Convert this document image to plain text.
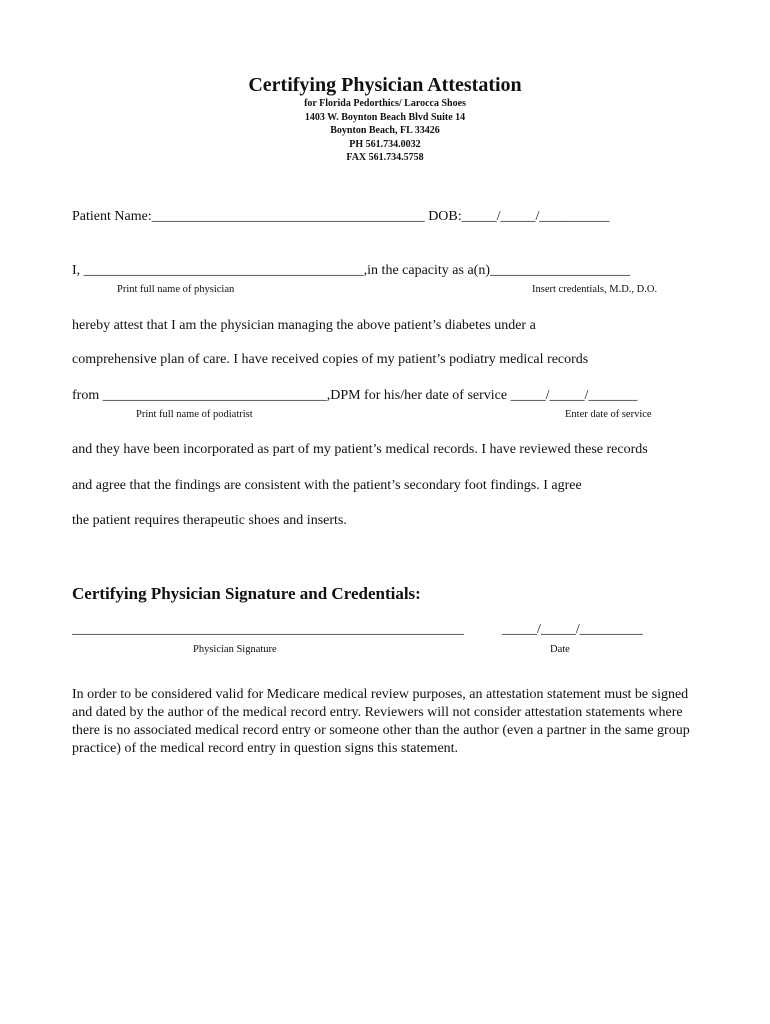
Certifying Physician Attestation
for Florida Pedorthics/ Larocca Shoes
1403 W. Boynton Beach Blvd Suite 14
Boynton Beach, FL 33426
PH 561.734.0032
FAX 561.734.5758
Patient Name:_______________________________________ DOB:_____/_____/__________
I, ________________________________________,in the capacity as a(n)____________________
Print full name of physician	Insert credentials, M.D., D.O.
hereby attest that I am the physician managing the above patient’s diabetes under a
comprehensive plan of care. I have received copies of my patient’s podiatry medical records
from ________________________________,DPM for his/her date of service _____/_____/_______
Print full name of podiatrist	Enter date of service
and they have been incorporated as part of my patient’s medical records. I have reviewed these records
and agree that the findings are consistent with the patient’s secondary foot findings. I agree
the patient requires therapeutic shoes and inserts.
Certifying Physician Signature and Credentials:
________________________________________________________	_____/_____/_________
Physician Signature	Date
In order to be considered valid for Medicare medical review purposes, an attestation statement must be signed and dated by the author of the medical record entry. Reviewers will not consider attestation statements where there is no associated medical record entry or someone other than the author (even a partner in the same group practice) of the medical record entry in question signs this statement.
